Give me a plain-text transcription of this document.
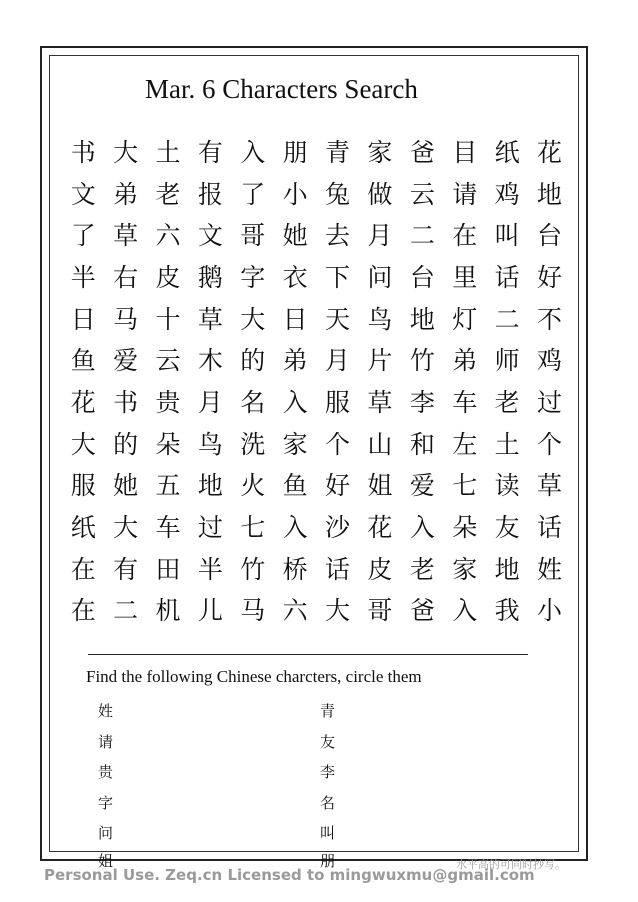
Mar. 6 Characters Search
书 大 土 有 入 朋 青 家 爸 目 纸 花
文 弟 老 报 了 小 兔 做 云 请 鸡 地
了 草 六 文 哥 她 去 月 二 在 叫 台
半 右 皮 鹅 字 衣 下 问 台 里 话 好
日 马 十 草 大 日 天 鸟 地 灯 二 不
鱼 爱 云 木 的 弟 月 片 竹 弟 师 鸡
花 书 贵 月 名 入 服 草 李 车 老 过
大 的 朵 鸟 洗 家 个 山 和 左 土 个
服 她 五 地 火 鱼 好 姐 爱 七 读 草
纸 大 车 过 七 入 沙 花 入 朵 友 话
在 有 田 半 竹 桥 话 皮 老 家 地 姓
在 二 机 儿 马 六 大 哥 爸 入 我 小
Find the following Chinese charcters, circle them
姓
请
贵
字
问
姐
青
友
李
名
叫
朋	水平高的可同时抄写。
Personal Use. Zeq.cn Licensed to mingwuxmu@gmail.com
